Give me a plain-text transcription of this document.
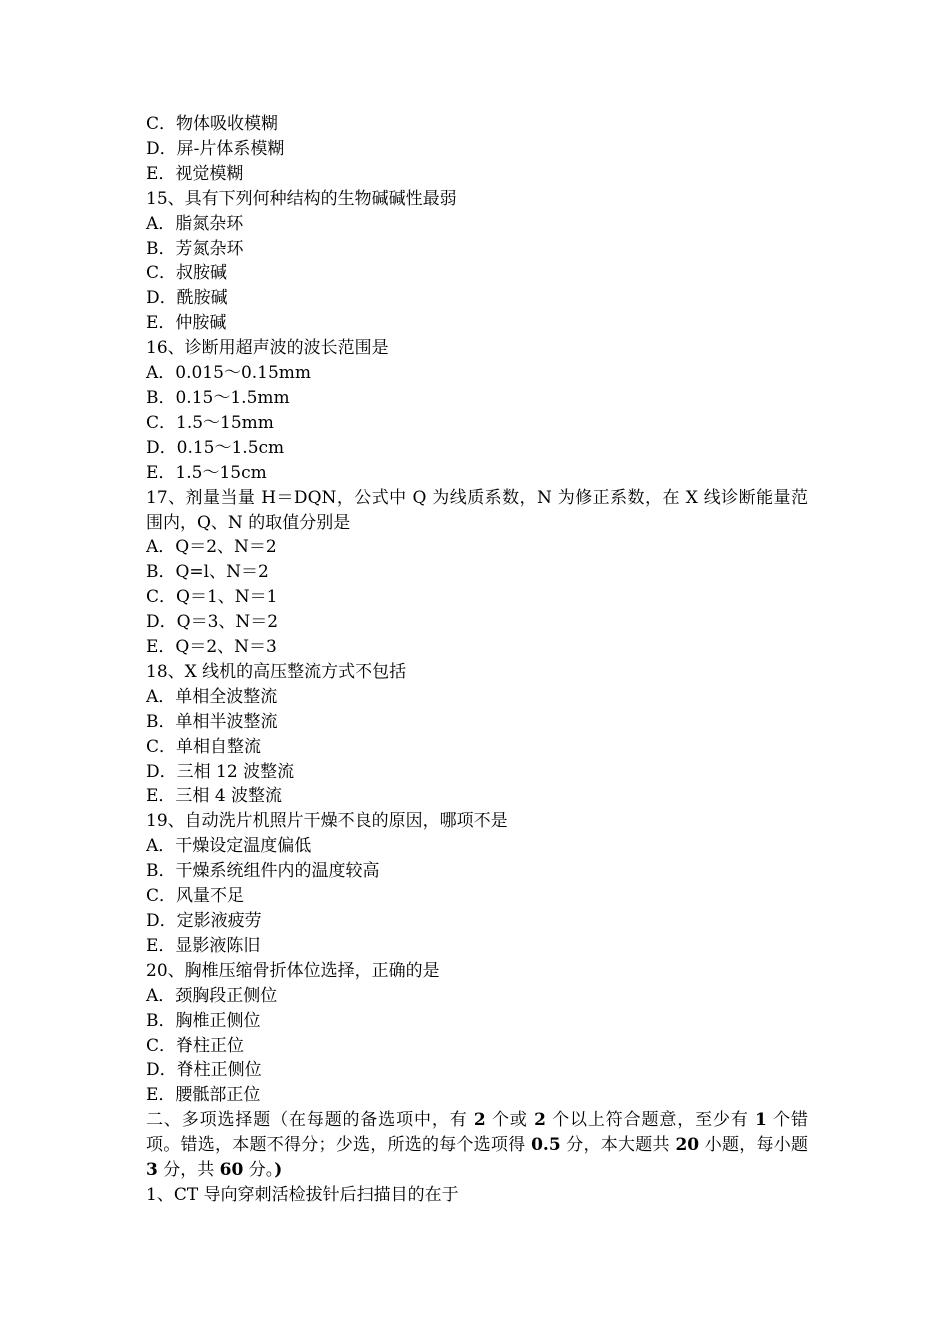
C．物体吸收模糊
D．屏-片体系模糊
E．视觉模糊
15、具有下列何种结构的生物碱碱性最弱
A．脂氮杂环
B．芳氮杂环
C．叔胺碱
D．酰胺碱
E．仲胺碱
16、诊断用超声波的波长范围是
A．0.015～0.15mm
B．0.15～1.5mm
C．1.5～15mm
D．0.15～1.5cm
E．1.5～15cm
17、剂量当量 H＝DQN，公式中 Q 为线质系数，N 为修正系数，在 X 线诊断能量范围内，Q、N 的取值分别是
A．Q＝2、N＝2
B．Q=l、N＝2
C．Q＝1、N＝1
D．Q＝3、N＝2
E．Q＝2、N＝3
18、X 线机的高压整流方式不包括
A．单相全波整流
B．单相半波整流
C．单相自整流
D．三相 12 波整流
E．三相 4 波整流
19、自动洗片机照片干燥不良的原因，哪项不是
A．干燥设定温度偏低
B．干燥系统组件内的温度较高
C．风量不足
D．定影液疲劳
E．显影液陈旧
20、胸椎压缩骨折体位选择，正确的是
A．颈胸段正侧位
B．胸椎正侧位
C．脊柱正位
D．脊柱正侧位
E．腰骶部正位
二、多项选择题（在每题的备选项中，有 2 个或 2 个以上符合题意，至少有 1 个错项。错选，本题不得分；少选，所选的每个选项得 0.5 分，本大题共 20 小题，每小题 3 分，共 60 分。)
1、CT 导向穿刺活检拔针后扫描目的在于
